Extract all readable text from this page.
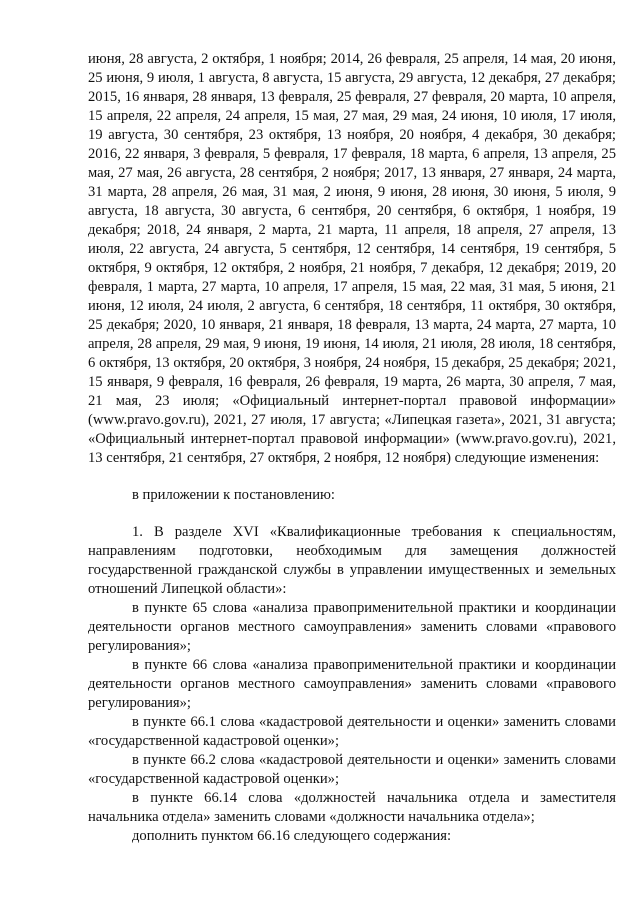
июня, 28 августа, 2 октября, 1 ноября; 2014, 26 февраля, 25 апреля, 14 мая, 20 июня, 25 июня, 9 июля, 1 августа, 8 августа, 15 августа, 29 августа, 12 декабря, 27 декабря; 2015, 16 января, 28 января, 13 февраля, 25 февраля, 27 февраля, 20 марта, 10 апреля, 15 апреля, 22 апреля, 24 апреля, 15 мая, 27 мая, 29 мая, 24 июня, 10 июля, 17 июля, 19 августа, 30 сентября, 23 октября, 13 ноября, 20 ноября, 4 декабря, 30 декабря; 2016, 22 января, 3 февраля, 5 февраля, 17 февраля, 18 марта, 6 апреля, 13 апреля, 25 мая, 27 мая, 26 августа, 28 сентября, 2 ноября; 2017, 13 января, 27 января, 24 марта, 31 марта, 28 апреля, 26 мая, 31 мая, 2 июня, 9 июня, 28 июня, 30 июня, 5 июля, 9 августа, 18 августа, 30 августа, 6 сентября, 20 сентября, 6 октября, 1 ноября, 19 декабря; 2018, 24 января, 2 марта, 21 марта, 11 апреля, 18 апреля, 27 апреля, 13 июля, 22 августа, 24 августа, 5 сентября, 12 сентября, 14 сентября, 19 сентября, 5 октября, 9 октября, 12 октября, 2 ноября, 21 ноября, 7 декабря, 12 декабря; 2019, 20 февраля, 1 марта, 27 марта, 10 апреля, 17 апреля, 15 мая, 22 мая, 31 мая, 5 июня, 21 июня, 12 июля, 24 июля, 2 августа, 6 сентября, 18 сентября, 11 октября, 30 октября, 25 декабря; 2020, 10 января, 21 января, 18 февраля, 13 марта, 24 марта, 27 марта, 10 апреля, 28 апреля, 29 мая, 9 июня, 19 июня, 14 июля, 21 июля, 28 июля, 18 сентября, 6 октября, 13 октября, 20 октября, 3 ноября, 24 ноября, 15 декабря, 25 декабря; 2021, 15 января, 9 февраля, 16 февраля, 26 февраля, 19 марта, 26 марта, 30 апреля, 7 мая, 21 мая, 23 июля; «Официальный интернет-портал правовой информации» (www.pravo.gov.ru), 2021, 27 июля, 17 августа; «Липецкая газета», 2021, 31 августа; «Официальный интернет-портал правовой информации» (www.pravo.gov.ru), 2021, 13 сентября, 21 сентября, 27 октября, 2 ноября, 12 ноября) следующие изменения:

в приложении к постановлению:

1. В разделе XVI «Квалификационные требования к специальностям, направлениям подготовки, необходимым для замещения должностей государственной гражданской службы в управлении имущественных и земельных отношений Липецкой области»:

в пункте 65 слова «анализа правоприменительной практики и координации деятельности органов местного самоуправления» заменить словами «правового регулирования»;

в пункте 66 слова «анализа правоприменительной практики и координации деятельности органов местного самоуправления» заменить словами «правового регулирования»;

в пункте 66.1 слова «кадастровой деятельности и оценки» заменить словами «государственной кадастровой оценки»;

в пункте 66.2 слова «кадастровой деятельности и оценки» заменить словами «государственной кадастровой оценки»;

в пункте 66.14 слова «должностей начальника отдела и заместителя начальника отдела» заменить словами «должности начальника отдела»;

дополнить пунктом 66.16 следующего содержания:
